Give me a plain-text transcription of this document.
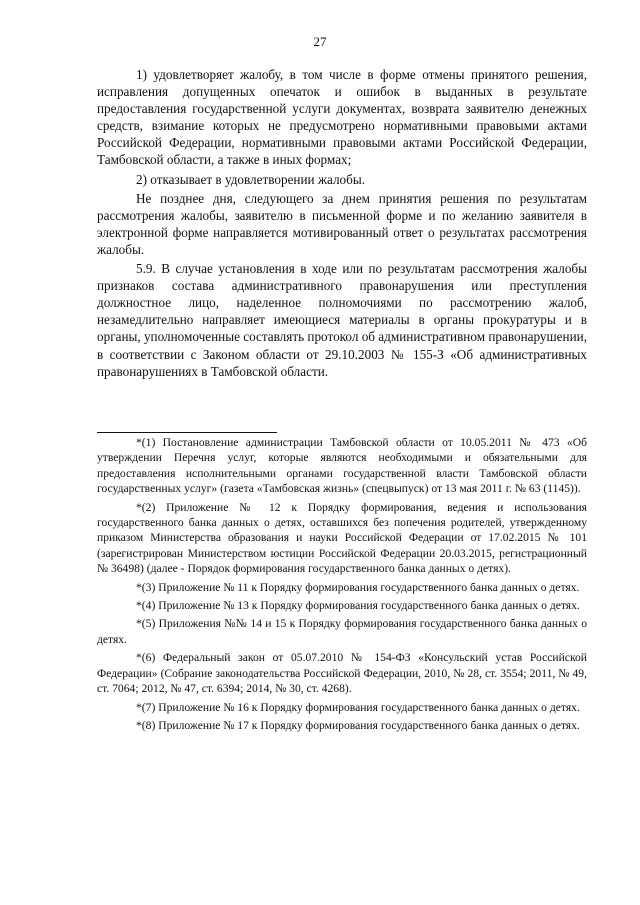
27

1) удовлетворяет жалобу, в том числе в форме отмены принятого решения, исправления допущенных опечаток и ошибок в выданных в результате предоставления государственной услуги документах, возврата заявителю денежных средств, взимание которых не предусмотрено нормативными правовыми актами Российской Федерации, нормативными правовыми актами Российской Федерации, Тамбовской области, а также в иных формах;

2) отказывает в удовлетворении жалобы.

Не позднее дня, следующего за днем принятия решения по результатам рассмотрения жалобы, заявителю в письменной форме и по желанию заявителя в электронной форме направляется мотивированный ответ о результатах рассмотрения жалобы.

5.9. В случае установления в ходе или по результатам рассмотрения жалобы признаков состава административного правонарушения или преступления должностное лицо, наделенное полномочиями по рассмотрению жалоб, незамедлительно направляет имеющиеся материалы в органы прокуратуры и в органы, уполномоченные составлять протокол об административном правонарушении, в соответствии с Законом области от 29.10.2003 № 155-З «Об административных правонарушениях в Тамбовской области.

*(1) Постановление администрации Тамбовской области от 10.05.2011 № 473 «Об утверждении Перечня услуг, которые являются необходимыми и обязательными для предоставления исполнительными органами государственной власти Тамбовской области государственных услуг» (газета «Тамбовская жизнь» (спецвыпуск) от 13 мая 2011 г. № 63 (1145)).

*(2) Приложение № 12 к Порядку формирования, ведения и использования государственного банка данных о детях, оставшихся без попечения родителей, утвержденному приказом Министерства образования и науки Российской Федерации от 17.02.2015 № 101 (зарегистрирован Министерством юстиции Российской Федерации 20.03.2015, регистрационный № 36498) (далее - Порядок формирования государственного банка данных о детях).

*(3) Приложение № 11 к Порядку формирования государственного банка данных о детях.

*(4) Приложение № 13 к Порядку формирования государственного банка данных о детях.

*(5) Приложения №№ 14 и 15 к Порядку формирования государственного банка данных о детях.

*(6) Федеральный закон от 05.07.2010 № 154-ФЗ «Консульский устав Российской Федерации» (Собрание законодательства Российской Федерации, 2010, № 28, ст. 3554; 2011, № 49, ст. 7064; 2012, № 47, ст. 6394; 2014, № 30, ст. 4268).

*(7) Приложение № 16 к Порядку формирования государственного банка данных о детях.

*(8) Приложение № 17 к Порядку формирования государственного банка данных о детях.
